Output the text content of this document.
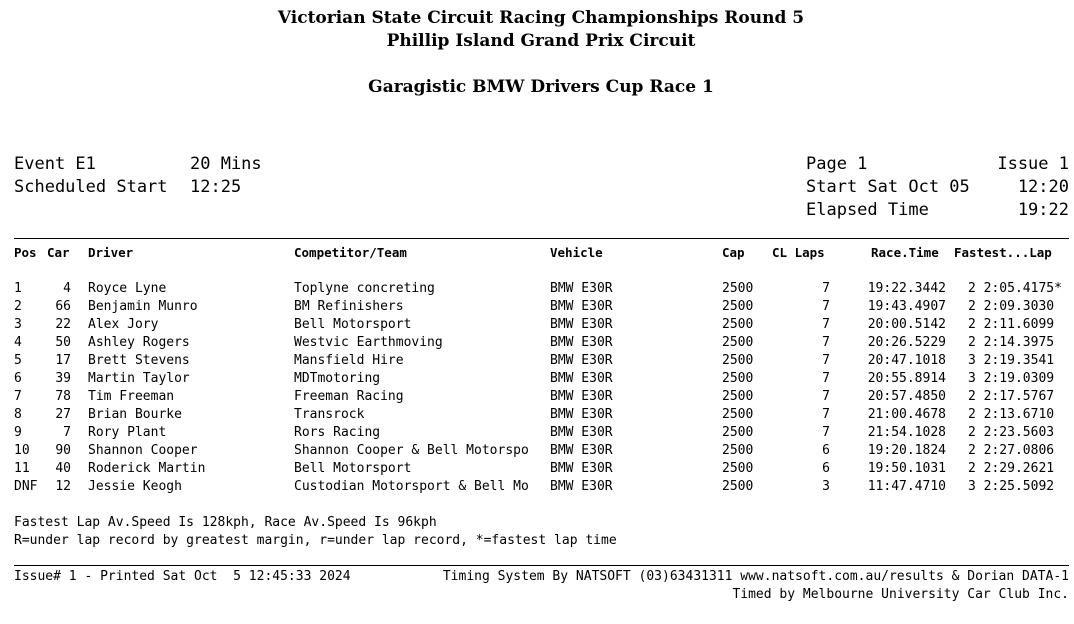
Victorian State Circuit Racing Championships Round 5
Phillip Island Grand Prix Circuit
Garagistic BMW Drivers Cup Race 1
Event E1	20 Mins
Scheduled Start 12:25
Page 1	Issue 1
Start Sat Oct 05	12:20
Elapsed Time	19:22
Pos Car Driver	Competitor/Team	Vehicle	Cap CL Laps	Race.Time Fastest...Lap
1	4 Royce Lyne	Toplyne concreting	BMW E30R	2500	7	19:22.3442 2 2:05.4175*
2	66 Benjamin Munro	BM Refinishers	BMW E30R	2500	7	19:43.4907 2 2:09.3030
3	22 Alex Jory	Bell Motorsport	BMW E30R	2500	7	20:00.5142 2 2:11.6099
4	50 Ashley Rogers	Westvic Earthmoving	BMW E30R	2500	7	20:26.5229 2 2:14.3975
5	17 Brett Stevens	Mansfield Hire	BMW E30R	2500	7	20:47.1018 3 2:19.3541
6	39 Martin Taylor	MDTmotoring	BMW E30R	2500	7	20:55.8914 3 2:19.0309
7	78 Tim Freeman	Freeman Racing	BMW E30R	2500	7	20:57.4850 2 2:17.5767
8	27 Brian Bourke	Transrock	BMW E30R	2500	7	21:00.4678 2 2:13.6710
9	7 Rory Plant	Rors Racing	BMW E30R	2500	7	21:54.1028 2 2:23.5603
10	90 Shannon Cooper	Shannon Cooper & Bell Motorspo	BMW E30R	2500	6	19:20.1824 2 2:27.0806
11	40 Roderick Martin	Bell Motorsport	BMW E30R	2500	6	19:50.1031 2 2:29.2621
DNF	12 Jessie Keogh	Custodian Motorsport & Bell Mo	BMW E30R	2500	3	11:47.4710 3 2:25.5092
Fastest Lap Av.Speed Is 128kph, Race Av.Speed Is 96kph
R=under lap record by greatest margin, r=under lap record, *=fastest lap time
Issue# 1 - Printed Sat Oct  5 12:45:33 2024	Timing System By NATSOFT (03)63431311 www.natsoft.com.au/results & Dorian DATA-1
Timed by Melbourne University Car Club Inc.
